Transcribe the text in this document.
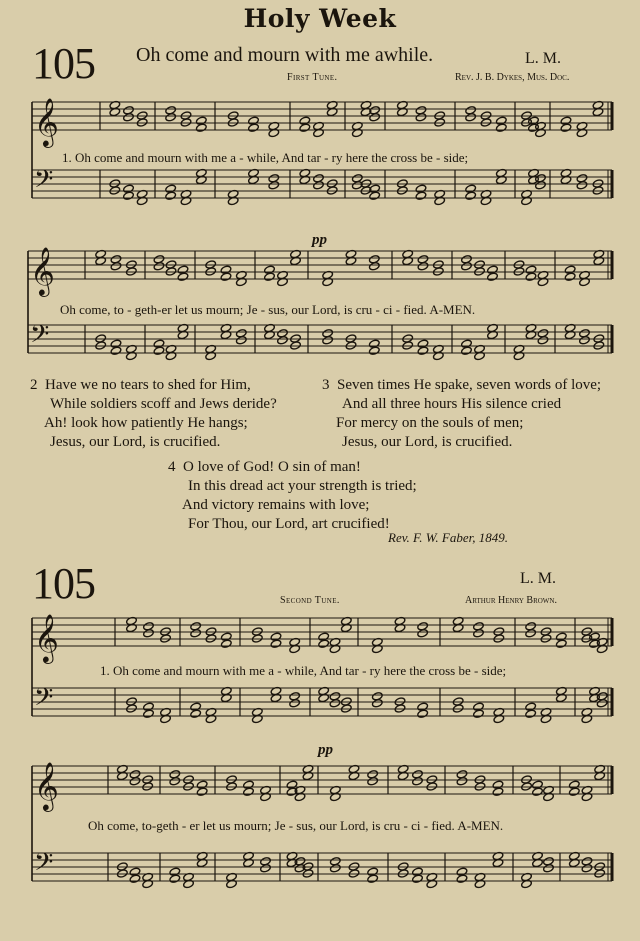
Holy Week
105 Oh come and mourn with me awhile.	L. M.
First Tune.	Rev. J. B. Dykes, Mus. Doc.
𝄞
𝄢
1. Oh come and mourn with me a - while, And tar - ry here the cross be - side;
pp
𝄞
𝄢
Oh come, to - geth-er let us mourn; Je - sus, our Lord, is cru - ci - fied. A-MEN.
2 Have we no tears to shed for Him,
While soldiers scoff and Jews deride?
Ah! look how patiently He hangs;
Jesus, our Lord, is crucified.
3 Seven times He spake, seven words of love;
And all three hours His silence cried
For mercy on the souls of men;
Jesus, our Lord, is crucified.
4 O love of God! O sin of man!
In this dread act your strength is tried;
And victory remains with love;
For Thou, our Lord, art crucified!
Rev. F. W. Faber, 1849.
105	L. M.
Second Tune.	Arthur Henry Brown.
𝄞
𝄢
1. Oh come and mourn with me a - while, And tar - ry here the cross be - side;
pp
𝄞
𝄢
Oh come, to-geth - er let us mourn; Je - sus, our Lord, is cru - ci - fied. A-MEN.
